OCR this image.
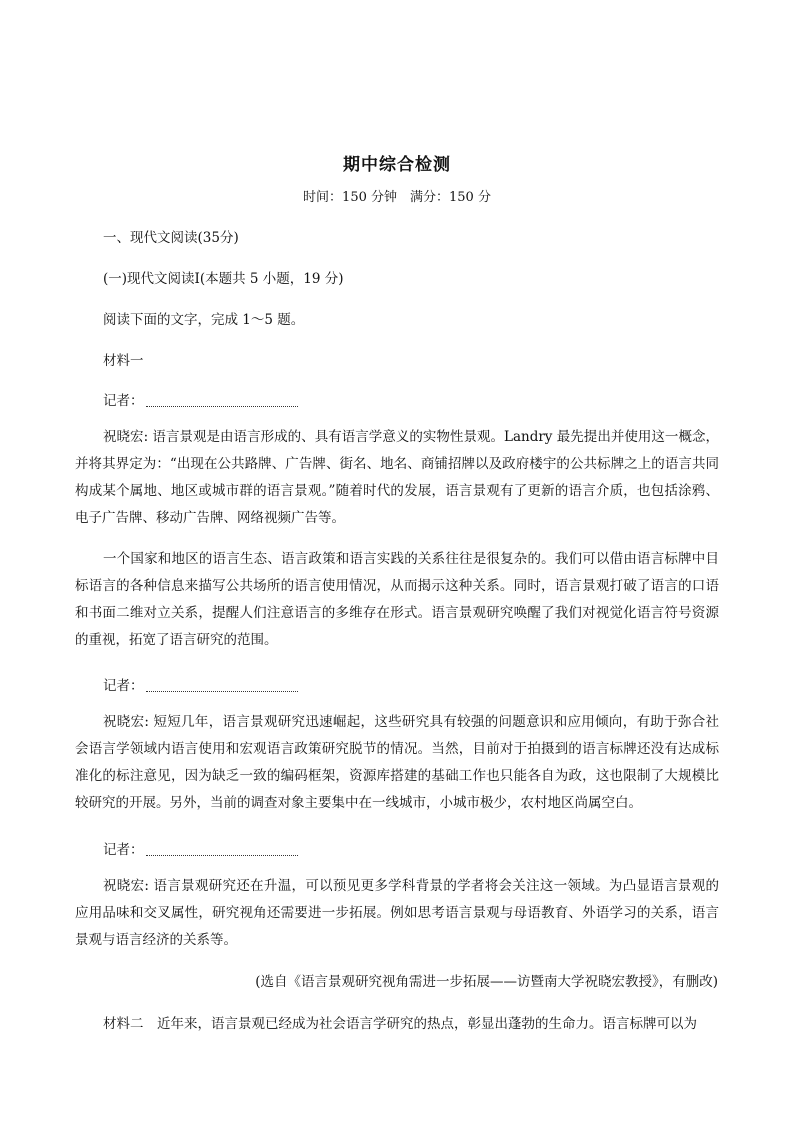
期中综合检测
时间：150 分钟　满分：150 分
一、现代文阅读(35分)
(一)现代文阅读Ⅰ(本题共 5 小题，19 分)
阅读下面的文字，完成 1～5 题。
材料一
记者：
祝晓宏: 语言景观是由语言形成的、具有语言学意义的实物性景观。Landry 最先提出并使用这一概念，并将其界定为：“出现在公共路牌、广告牌、街名、地名、商铺招牌以及政府楼宇的公共标牌之上的语言共同构成某个属地、地区或城市群的语言景观。”随着时代的发展，语言景观有了更新的语言介质，也包括涂鸦、电子广告牌、移动广告牌、网络视频广告等。
一个国家和地区的语言生态、语言政策和语言实践的关系往往是很复杂的。我们可以借由语言标牌中目标语言的各种信息来描写公共场所的语言使用情况，从而揭示这种关系。同时，语言景观打破了语言的口语和书面二维对立关系，提醒人们注意语言的多维存在形式。语言景观研究唤醒了我们对视觉化语言符号资源的重视，拓宽了语言研究的范围。
记者：
祝晓宏: 短短几年，语言景观研究迅速崛起，这些研究具有较强的问题意识和应用倾向，有助于弥合社会语言学领域内语言使用和宏观语言政策研究脱节的情况。当然，目前对于拍摄到的语言标牌还没有达成标准化的标注意见，因为缺乏一致的编码框架，资源库搭建的基础工作也只能各自为政，这也限制了大规模比较研究的开展。另外，当前的调查对象主要集中在一线城市，小城市极少，农村地区尚属空白。
记者：
祝晓宏: 语言景观研究还在升温，可以预见更多学科背景的学者将会关注这一领域。为凸显语言景观的应用品味和交叉属性，研究视角还需要进一步拓展。例如思考语言景观与母语教育、外语学习的关系，语言景观与语言经济的关系等。
(选自《语言景观研究视角需进一步拓展——访暨南大学祝晓宏教授》，有删改)
材料二　近年来，语言景观已经成为社会语言学研究的热点，彰显出蓬勃的生命力。语言标牌可以为
